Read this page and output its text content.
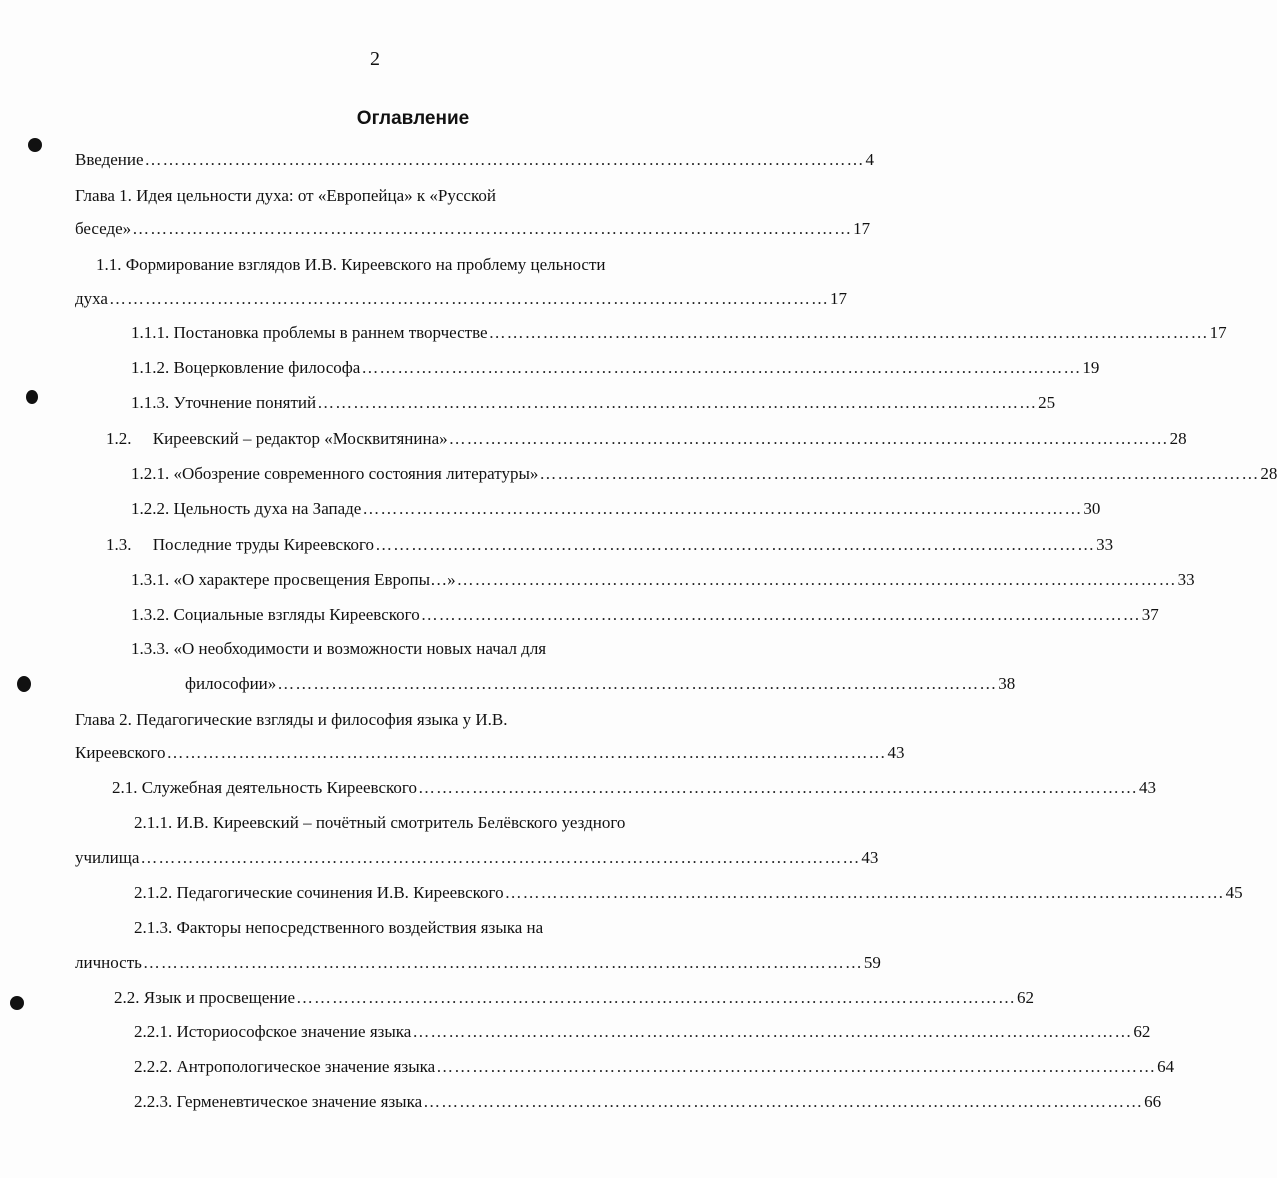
2
Оглавление
Введение ………………………………………………………………………………………………………… 4
Глава 1. Идея цельности духа: от «Европейца» к «Русской
беседе» ………………………………………………………………………………………………………… 17
1.1. Формирование взглядов И.В. Киреевского на проблему цельности
духа ………………………………………………………………………………………………………… 17
1.1.1. Постановка проблемы в раннем творчестве ………………………………………………………………………………………………………… 17
1.1.2. Воцерковление философа ………………………………………………………………………………………………………… 19
1.1.3. Уточнение понятий ………………………………………………………………………………………………………… 25
1.2.     Киреевский – редактор «Москвитянина» ………………………………………………………………………………………………………… 28
1.2.1. «Обозрение современного состояния литературы» ………………………………………………………………………………………………………… 28
1.2.2. Цельность духа на Западе ………………………………………………………………………………………………………… 30
1.3.     Последние труды Киреевского ………………………………………………………………………………………………………… 33
1.3.1. «О характере просвещения Европы…» ………………………………………………………………………………………………………… 33
1.3.2. Социальные взгляды Киреевского ………………………………………………………………………………………………………… 37
1.3.3. «О необходимости и возможности новых начал для
философии» ………………………………………………………………………………………………………… 38
Глава 2. Педагогические взгляды и философия языка у И.В.
Киреевского ………………………………………………………………………………………………………… 43
2.1. Служебная деятельность Киреевского ………………………………………………………………………………………………………… 43
2.1.1. И.В. Киреевский – почётный смотритель Белёвского уездного
училища ………………………………………………………………………………………………………… 43
2.1.2. Педагогические сочинения И.В. Киреевского ………………………………………………………………………………………………………… 45
2.1.3. Факторы непосредственного воздействия языка на
личность ………………………………………………………………………………………………………… 59
2.2. Язык и просвещение ………………………………………………………………………………………………………… 62
2.2.1. Историософское значение языка ………………………………………………………………………………………………………… 62
2.2.2. Антропологическое значение языка ………………………………………………………………………………………………………… 64
2.2.3. Герменевтическое значение языка ………………………………………………………………………………………………………… 66
